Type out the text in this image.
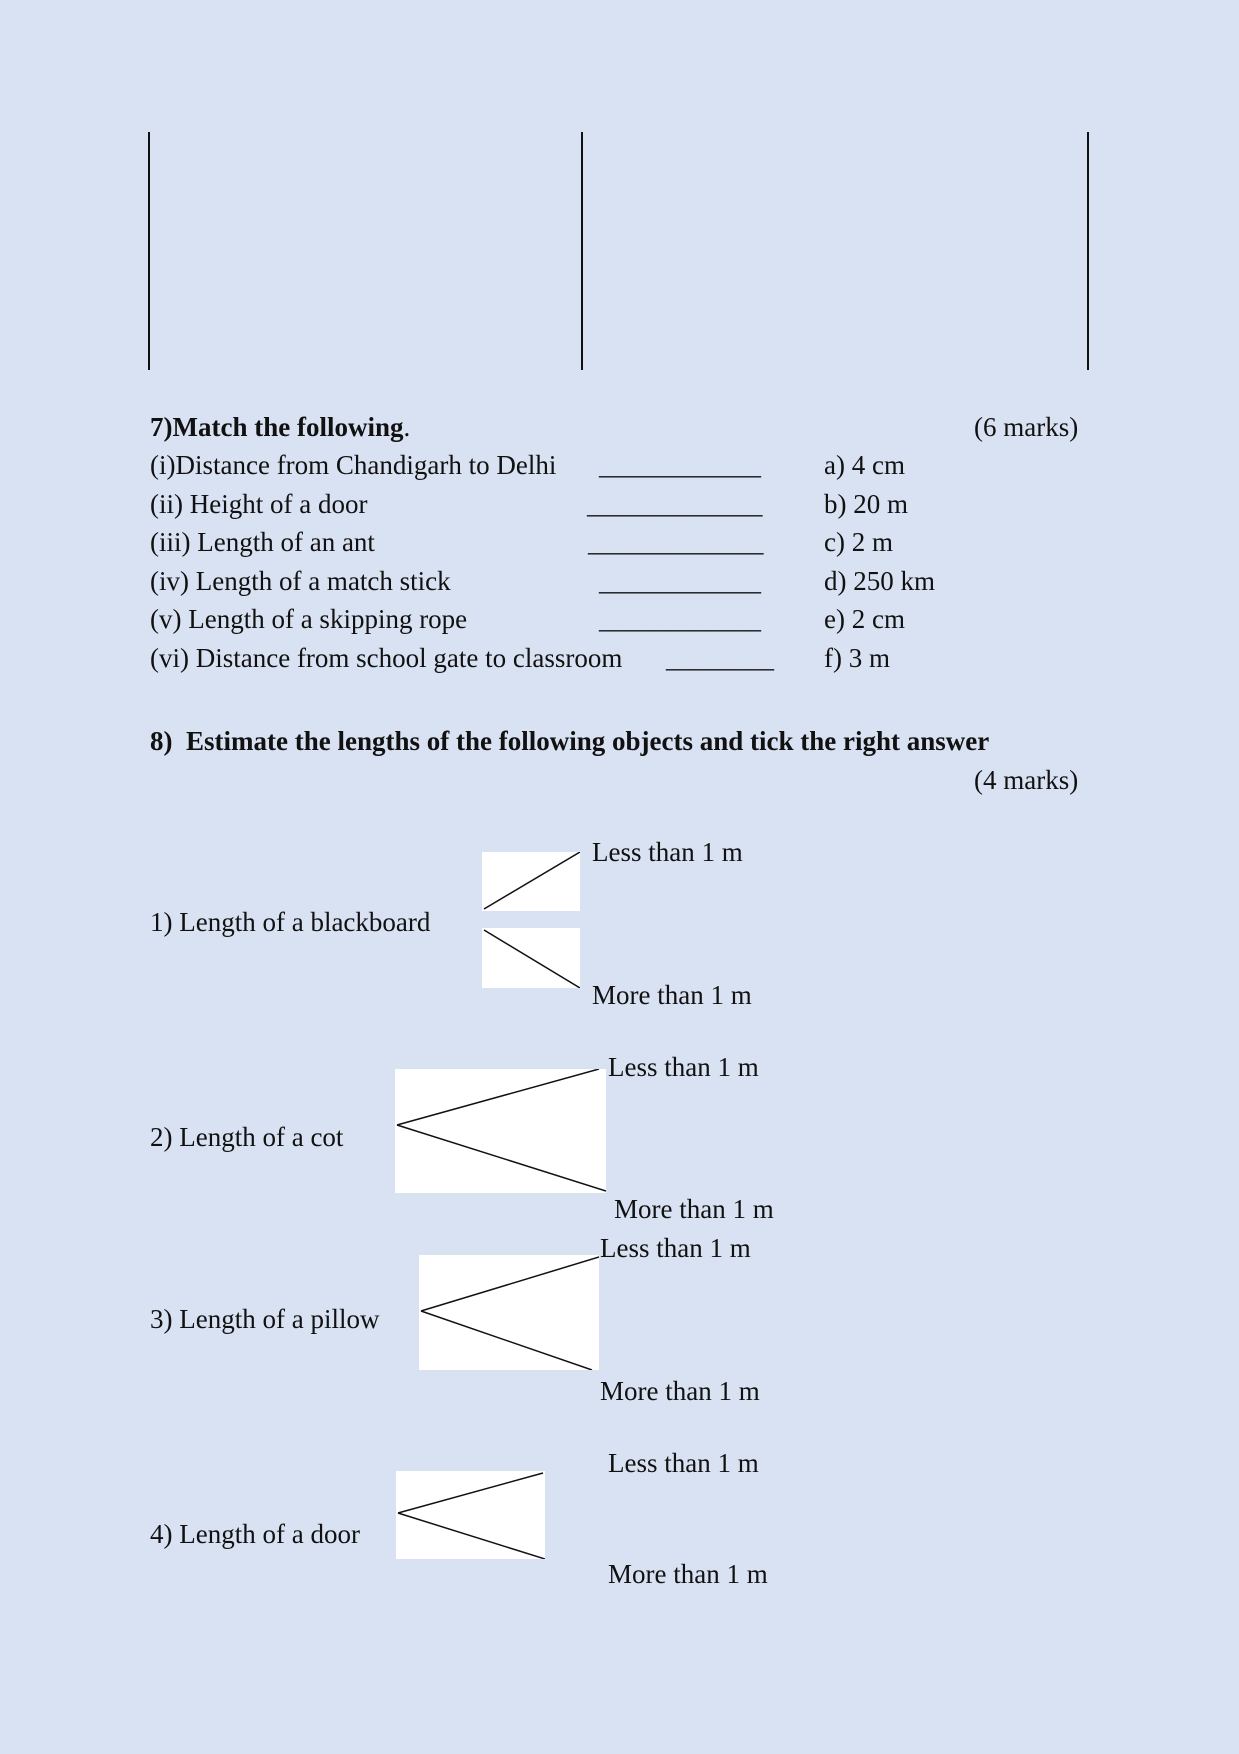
7)Match the following.	(6 marks)
(i)Distance from Chandigarh to Delhi ____________ a) 4 cm
(ii) Height of a door	_____________ b) 20 m
(iii) Length of an ant	_____________ c) 2 m
(iv) Length of a match stick	____________ d) 250 km
(v) Length of a skipping rope	____________ e) 2 cm
(vi) Distance from school gate to classroom ________ f) 3 m
8) Estimate the lengths of the following objects and tick the right answer
(4 marks)
1) Length of a blackboard
Less than 1 m
More than 1 m
2) Length of a cot
Less than 1 m
More than 1 m
3) Length of a pillow
Less than 1 m
More than 1 m
4) Length of a door
Less than 1 m
More than 1 m
